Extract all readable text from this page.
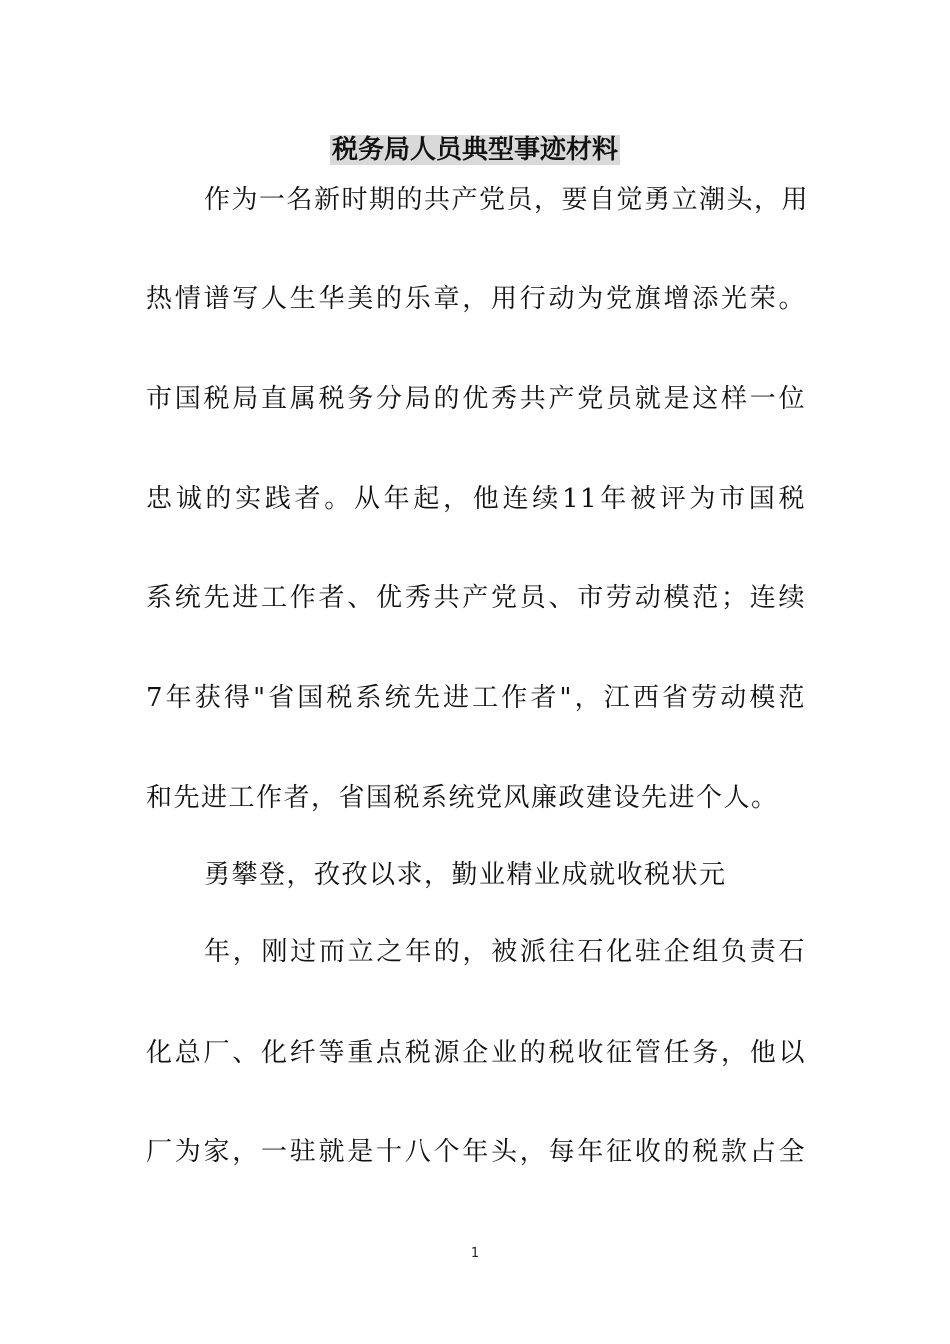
税务局人员典型事迹材料
作为一名新时期的共产党员，要自觉勇立潮头，用
热情谱写人生华美的乐章，用行动为党旗增添光荣。
市国税局直属税务分局的优秀共产党员就是这样一位
忠诚的实践者。从年起，他连续11年被评为市国税
系统先进工作者、优秀共产党员、市劳动模范；连续
7年获得"省国税系统先进工作者"，江西省劳动模范
和先进工作者，省国税系统党风廉政建设先进个人。
勇攀登，孜孜以求，勤业精业成就收税状元
年，刚过而立之年的，被派往石化驻企组负责石
化总厂、化纤等重点税源企业的税收征管任务，他以
厂为家，一驻就是十八个年头，每年征收的税款占全
1
